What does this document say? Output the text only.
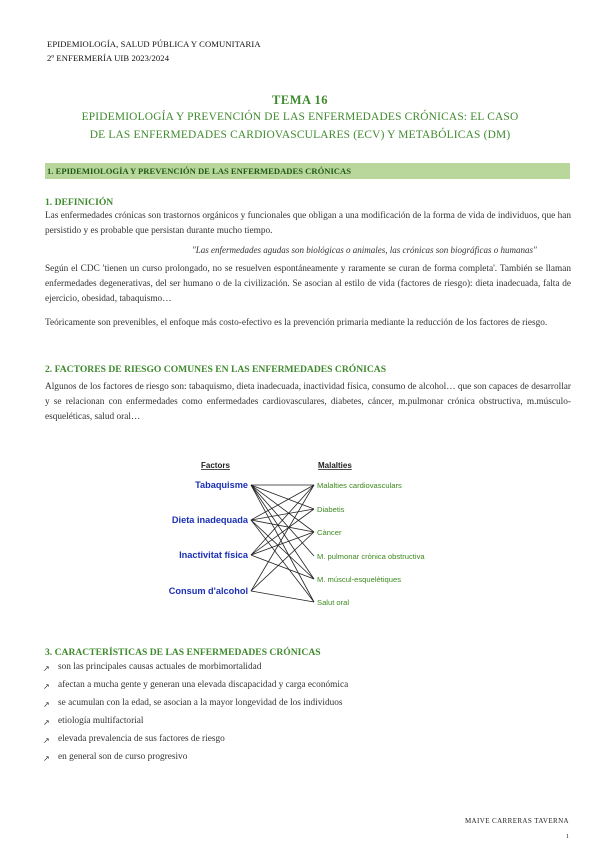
EPIDEMIOLOGÍA, SALUD PÚBLICA Y COMUNITARIA
2º ENFERMERÍA UIB 2023/2024
TEMA 16
EPIDEMIOLOGÍA Y PREVENCIÓN DE LAS ENFERMEDADES CRÓNICAS: EL CASO
DE LAS ENFERMEDADES CARDIOVASCULARES (ECV) Y METABÓLICAS (DM)
1. EPIDEMIOLOGÍA Y PREVENCIÓN DE LAS ENFERMEDADES CRÓNICAS
1. DEFINICIÓN
Las enfermedades crónicas son trastornos orgánicos y funcionales que obligan a una modificación de la forma de vida de individuos, que han persistido y es probable que persistan durante mucho tiempo.
"Las enfermedades agudas son biológicas o animales, las crónicas son biográficas o humanas"
Según el CDC 'tienen un curso prolongado, no se resuelven espontáneamente y raramente se curan de forma completa'. También se llaman enfermedades degenerativas, del ser humano o de la civilización. Se asocian al estilo de vida (factores de riesgo): dieta inadecuada, falta de ejercicio, obesidad, tabaquismo…
Teóricamente son prevenibles, el enfoque más costo-efectivo es la prevención primaria mediante la reducción de los factores de riesgo.
2. FACTORES DE RIESGO COMUNES EN LAS ENFERMEDADES CRÓNICAS
Algunos de los factores de riesgo son: tabaquismo, dieta inadecuada, inactividad física, consumo de alcohol… que son capaces de desarrollar y se relacionan con enfermedades como enfermedades cardiovasculares, diabetes, cáncer, m.pulmonar crónica obstructiva, m.músculo-esqueléticas, salud oral…
Factors	Malalties
Tabaquisme
Dieta inadequada
Inactivitat física
Consum d'alcohol
Malalties cardiovasculars
Diabetis
Càncer
M. pulmonar crònica obstructiva
M. múscul-esquelètiques
Salut oral
3. CARACTERÍSTICAS DE LAS ENFERMEDADES CRÓNICAS
↗ son las principales causas actuales de morbimortalidad
↗ afectan a mucha gente y generan una elevada discapacidad y carga económica
↗ se acumulan con la edad, se asocian a la mayor longevidad de los individuos
↗ etiología multifactorial
↗ elevada prevalencia de sus factores de riesgo
↗ en general son de curso progresivo
MAIVE CARRERAS TAVERNA
1
